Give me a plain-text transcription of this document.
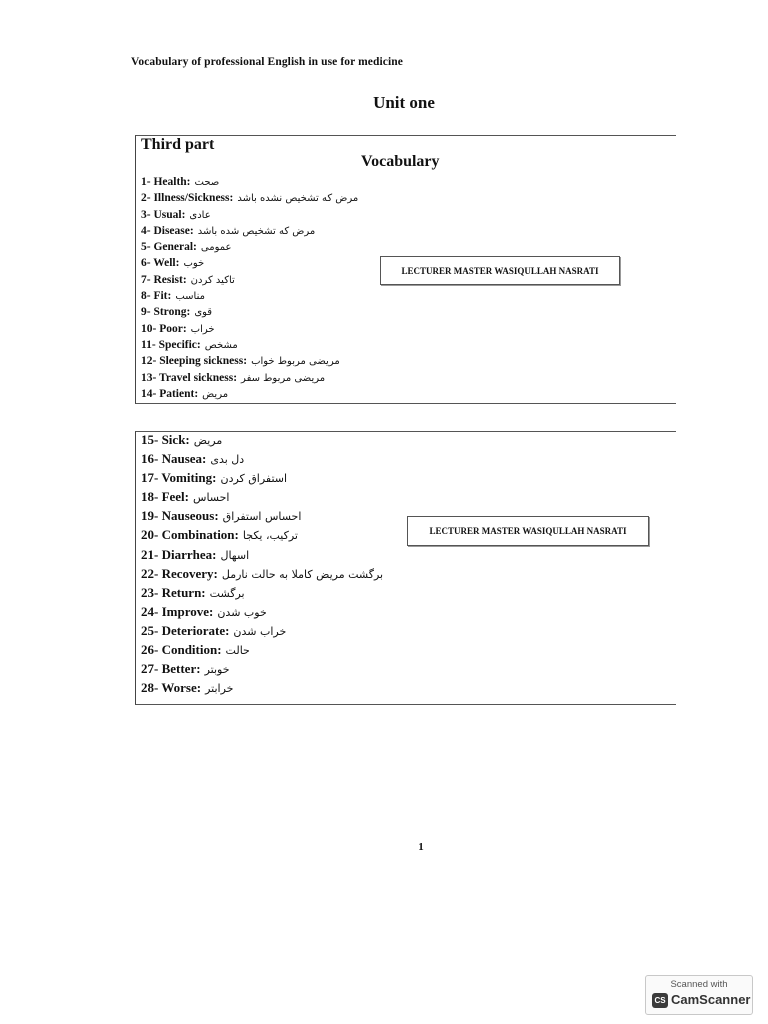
Vocabulary of professional English in use for medicine
Unit one
Third part
Vocabulary
1- Health: صحت
2- Illness/Sickness: مرض که تشخیص نشده باشد
3- Usual: عادی
4- Disease: مرض که تشخیص شده باشد
5- General: عمومی
6- Well: خوب
7- Resist: تاکید کردن
8- Fit: مناسب
9- Strong: قوی
10- Poor: خراب
11- Specific: مشخص
12- Sleeping sickness: مریضی مربوط خواب
13- Travel sickness: مریضی مربوط سفر
14- Patient: مریض
LECTURER MASTER WASIQULLAH NASRATI
15- Sick: مریض
16- Nausea: دل بدی
17- Vomiting: استفراق کردن
18- Feel: احساس
19- Nauseous: احساس استفراق
20- Combination: ترکیب، یکجا
21- Diarrhea: اسهال
22- Recovery: برگشت مریض کاملا به حالت نارمل
23- Return: برگشت
24- Improve: خوب شدن
25- Deteriorate: خراب شدن
26- Condition: حالت
27- Better: خوبتر
28- Worse: خرابتر
LECTURER MASTER WASIQULLAH NASRATI
1
Scanned with
CS CamScanner
